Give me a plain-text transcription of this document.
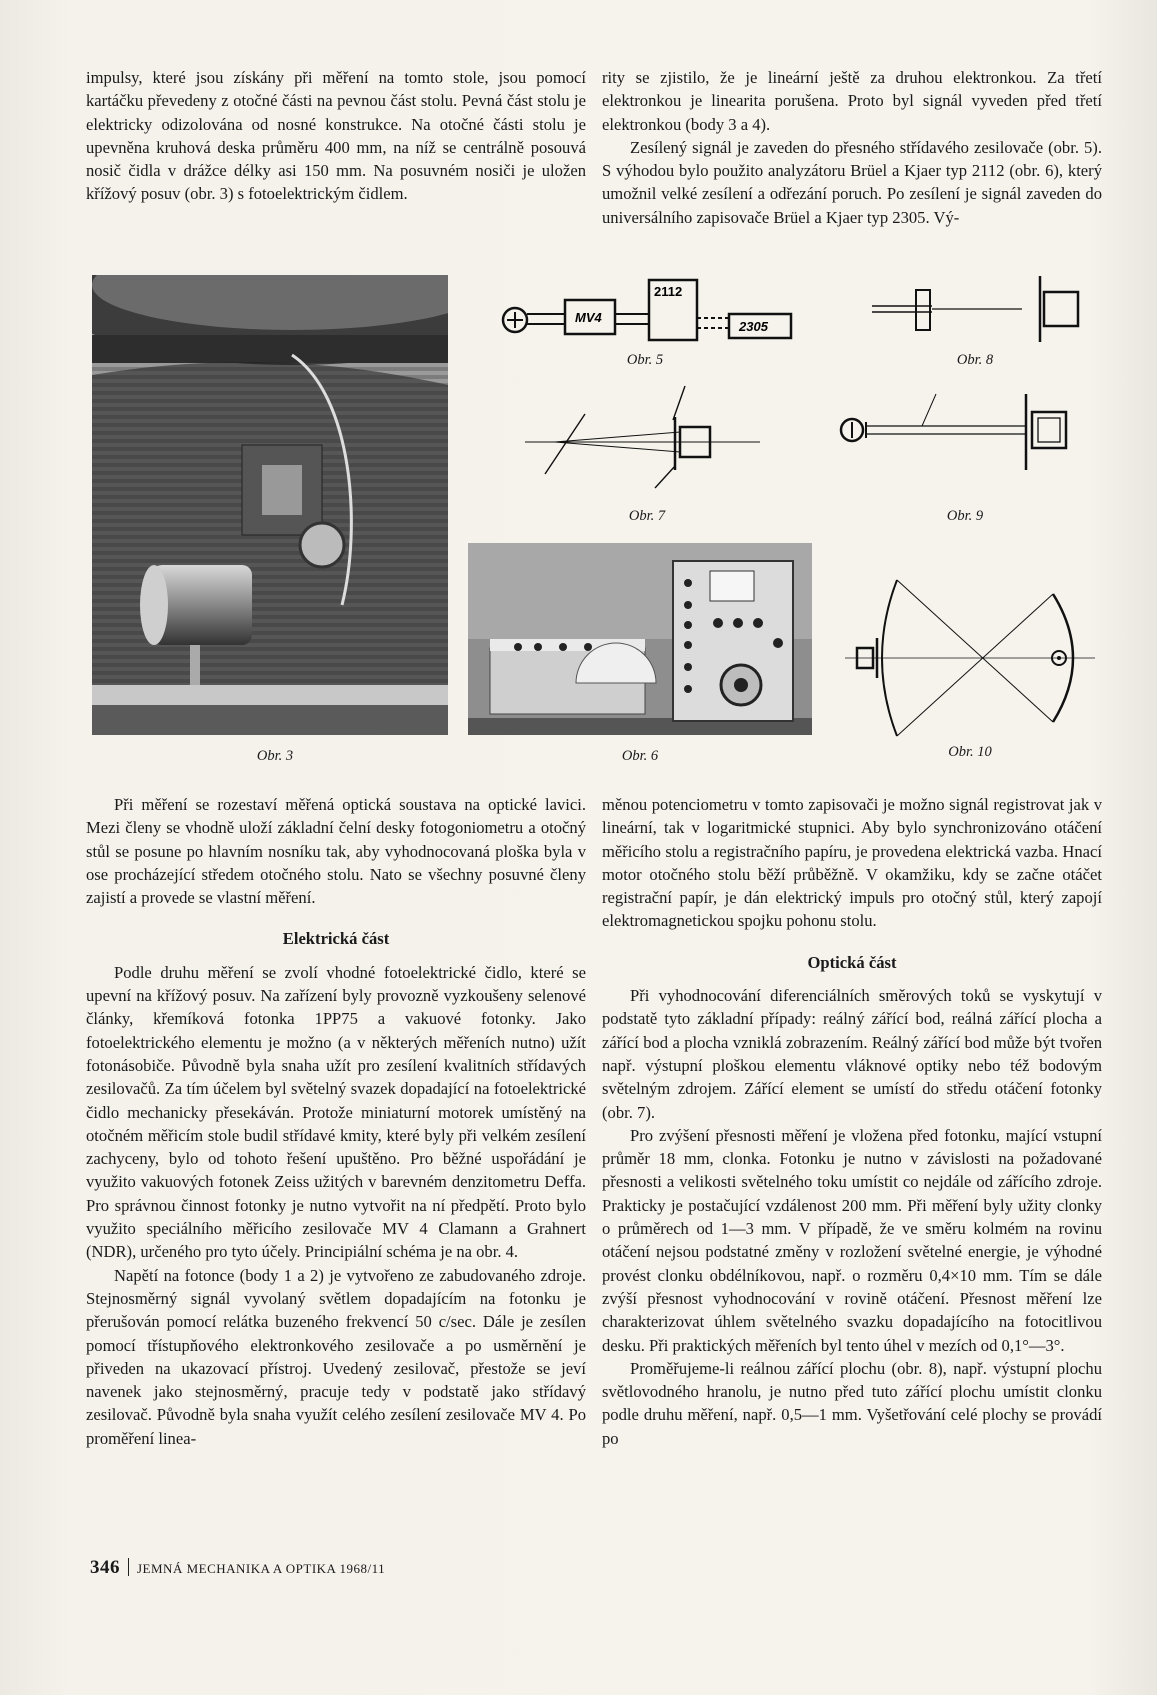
impulsy, které jsou získány při měření na tomto stole, jsou pomocí kartáčku převedeny z otočné části na pevnou část stolu. Pevná část stolu je elektricky odizolována od nosné konstrukce. Na otočné části stolu je upevněna kruhová deska průměru 400 mm, na níž se centrálně posouvá nosič čidla v drážce délky asi 150 mm. Na posuvném nosiči je uložen křížový posuv (obr. 3) s fotoelektrickým čidlem.

rity se zjistilo, že je lineární ještě za druhou elektronkou. Za třetí elektronkou je linearita porušena. Proto byl signál vyveden před třetí elektronkou (body 3 a 4).

Zesílený signál je zaveden do přesného střídavého zesilovače (obr. 5). S výhodou bylo použito analyzátoru Brüel a Kjaer typ 2112 (obr. 6), který umožnil velké zesílení a odřezání poruch. Po zesílení je signál zaveden do universálního zapisovače Brüel a Kjaer typ 2305. Vý-

Obr. 3
MV4
2112
2305
Obr. 5	Obr. 8
Obr. 7	Obr. 9
Obr. 6	Obr. 10

Při měření se rozestaví měřená optická soustava na optické lavici. Mezi členy se vhodně uloží základní čelní desky fotogoniometru a otočný stůl se posune po hlavním nosníku tak, aby vyhodnocovaná ploška byla v ose procházející středem otočného stolu. Nato se všechny posuvné členy zajistí a provede se vlastní měření.

Elektrická část

Podle druhu měření se zvolí vhodné fotoelektrické čidlo, které se upevní na křížový posuv. Na zařízení byly provozně vyzkoušeny selenové články, křemíková fotonka 1PP75 a vakuové fotonky. Jako fotoelektrického elementu je možno (a v některých měřeních nutno) užít fotonásobiče. Původně byla snaha užít pro zesílení kvalitních střídavých zesilovačů. Za tím účelem byl světelný svazek dopadající na fotoelektrické čidlo mechanicky přesekáván. Protože miniaturní motorek umístěný na otočném měřicím stole budil střídavé kmity, které byly při velkém zesílení zachyceny, bylo od tohoto řešení upuštěno. Pro běžné uspořádání je využito vakuových fotonek Zeiss užitých v barevném denzitometru Deffa. Pro správnou činnost fotonky je nutno vytvořit na ní předpětí. Proto bylo využito speciálního měřicího zesilovače MV 4 Clamann a Grahnert (NDR), určeného pro tyto účely. Principiální schéma je na obr. 4.

Napětí na fotonce (body 1 a 2) je vytvořeno ze zabudovaného zdroje. Stejnosměrný signál vyvolaný světlem dopadajícím na fotonku je přerušován pomocí relátka buzeného frekvencí 50 c/sec. Dále je zesílen pomocí třístupňového elektronkového zesilovače a po usměrnění je přiveden na ukazovací přístroj. Uvedený zesilovač, přestože se jeví navenek jako stejnosměrný, pracuje tedy v podstatě jako střídavý zesilovač. Původně byla snaha využít celého zesílení zesilovače MV 4. Po proměření linea-

měnou potenciometru v tomto zapisovači je možno signál registrovat jak v lineární, tak v logaritmické stupnici. Aby bylo synchronizováno otáčení měřicího stolu a registračního papíru, je provedena elektrická vazba. Hnací motor otočného stolu běží průběžně. V okamžiku, kdy se začne otáčet registrační papír, je dán elektrický impuls pro otočný stůl, který zapojí elektromagnetickou spojku pohonu stolu.

Optická část

Při vyhodnocování diferenciálních směrových toků se vyskytují v podstatě tyto základní případy: reálný zářící bod, reálná zářící plocha a zářící bod a plocha vzniklá zobrazením. Reálný zářící bod může být tvořen např. výstupní ploškou elementu vláknové optiky nebo též bodovým světelným zdrojem. Zářící element se umístí do středu otáčení fotonky (obr. 7).

Pro zvýšení přesnosti měření je vložena před fotonku, mající vstupní průměr 18 mm, clonka. Fotonku je nutno v závislosti na požadované přesnosti a velikosti světelného toku umístit co nejdále od zářícího zdroje. Prakticky je postačující vzdálenost 200 mm. Při měření byly užity clonky o průměrech od 1—3 mm. V případě, že ve směru kolmém na rovinu otáčení nejsou podstatné změny v rozložení světelné energie, je výhodné provést clonku obdélníkovou, např. o rozměru 0,4×10 mm. Tím se dále zvýší přesnost vyhodnocování v rovině otáčení. Přesnost měření lze charakterizovat úhlem světelného svazku dopadajícího na fotocitlivou desku. Při praktických měřeních byl tento úhel v mezích od 0,1°—3°.

Proměřujeme-li reálnou zářící plochu (obr. 8), např. výstupní plochu světlovodného hranolu, je nutno před tuto zářící plochu umístit clonku podle druhu měření, např. 0,5—1 mm. Vyšetřování celé plochy se provádí po

346 JEMNÁ MECHANIKA A OPTIKA 1968/11
